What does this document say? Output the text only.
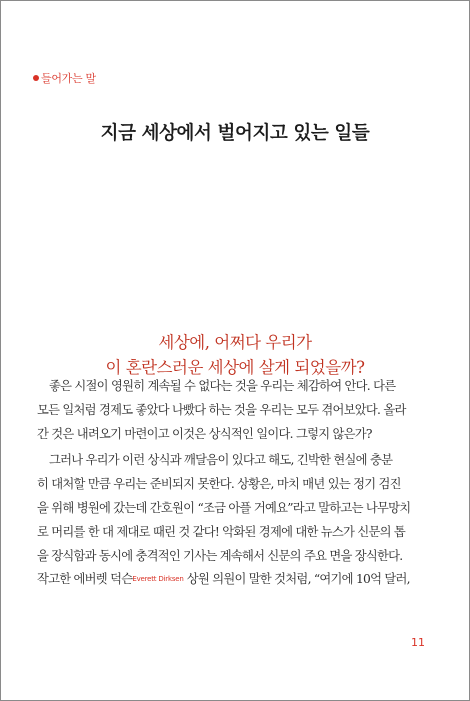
들어가는 말
지금 세상에서 벌어지고 있는 일들
세상에, 어쩌다 우리가
이 혼란스러운 세상에 살게 되었을까?
좋은 시절이 영원히 계속될 수 없다는 것을 우리는 체감하여 안다. 다른
모든 일처럼 경제도 좋았다 나빴다 하는 것을 우리는 모두 겪어보았다. 올라
간 것은 내려오기 마련이고 이것은 상식적인 일이다. 그렇지 않은가?
그러나 우리가 이런 상식과 깨달음이 있다고 해도, 긴박한 현실에 충분
히 대처할 만큼 우리는 준비되지 못한다. 상황은, 마치 매년 있는 정기 검진
을 위해 병원에 갔는데 간호원이 “조금 아플 거예요”라고 말하고는 나무망치
로 머리를 한 대 제대로 때린 것 같다! 악화된 경제에 대한 뉴스가 신문의 톱
을 장식함과 동시에 충격적인 기사는 계속해서 신문의 주요 면을 장식한다.
작고한 에버렛 덕슨Everett Dirksen 상원 의원이 말한 것처럼, “여기에 10억 달러,
11
